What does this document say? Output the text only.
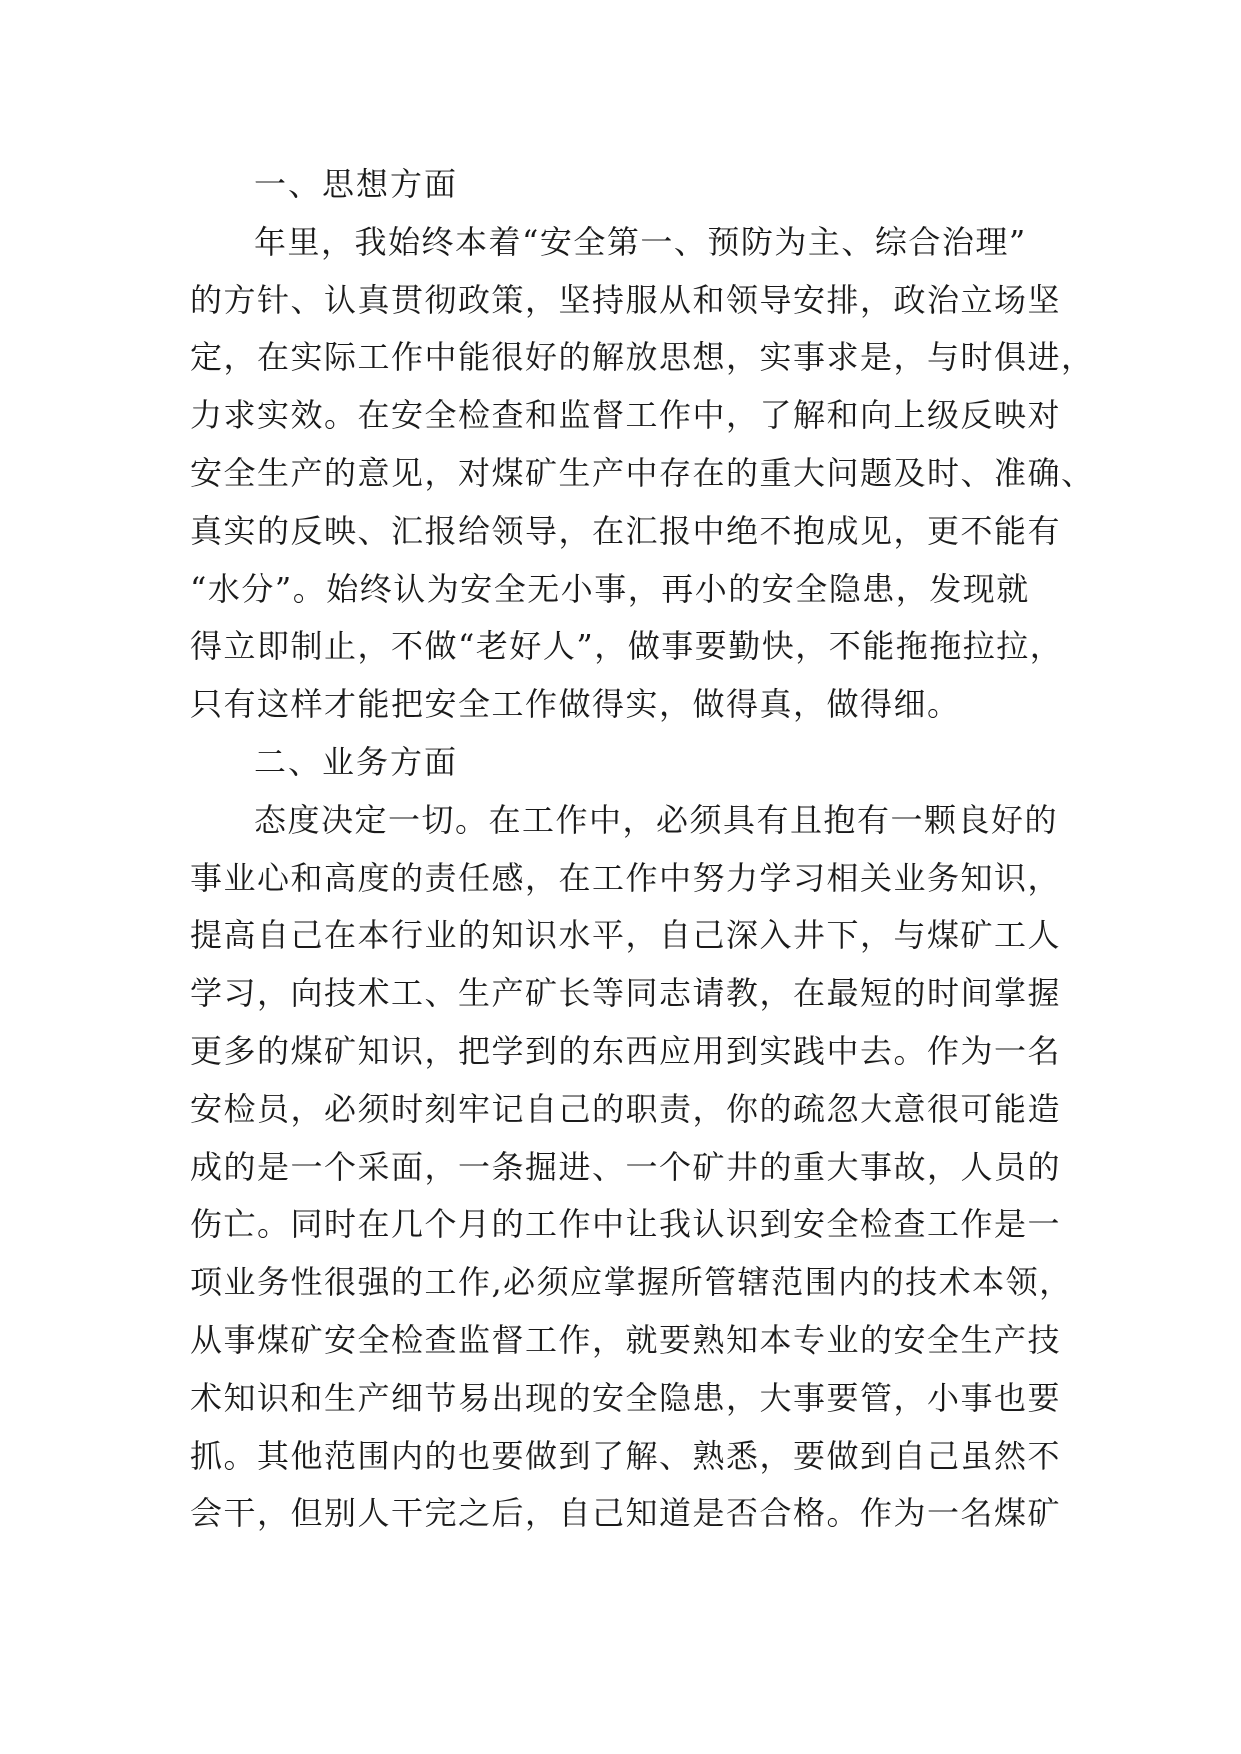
一、思想方面
年里，我始终本着“安全第一、预防为主、综合治理”
的方针、认真贯彻政策，坚持服从和领导安排，政治立场坚
定，在实际工作中能很好的解放思想，实事求是，与时俱进，
力求实效。在安全检查和监督工作中，了解和向上级反映对
安全生产的意见，对煤矿生产中存在的重大问题及时、准确、
真实的反映、汇报给领导，在汇报中绝不抱成见，更不能有
“水分”。始终认为安全无小事，再小的安全隐患，发现就
得立即制止，不做“老好人”，做事要勤快，不能拖拖拉拉，
只有这样才能把安全工作做得实，做得真，做得细。
二、业务方面
态度决定一切。在工作中，必须具有且抱有一颗良好的
事业心和高度的责任感，在工作中努力学习相关业务知识，
提高自己在本行业的知识水平，自己深入井下，与煤矿工人
学习，向技术工、生产矿长等同志请教，在最短的时间掌握
更多的煤矿知识，把学到的东西应用到实践中去。作为一名
安检员，必须时刻牢记自己的职责，你的疏忽大意很可能造
成的是一个采面，一条掘进、一个矿井的重大事故，人员的
伤亡。同时在几个月的工作中让我认识到安全检查工作是一
项业务性很强的工作,必须应掌握所管辖范围内的技术本领，
从事煤矿安全检查监督工作，就要熟知本专业的安全生产技
术知识和生产细节易出现的安全隐患，大事要管，小事也要
抓。其他范围内的也要做到了解、熟悉，要做到自己虽然不
会干，但别人干完之后，自己知道是否合格。作为一名煤矿
